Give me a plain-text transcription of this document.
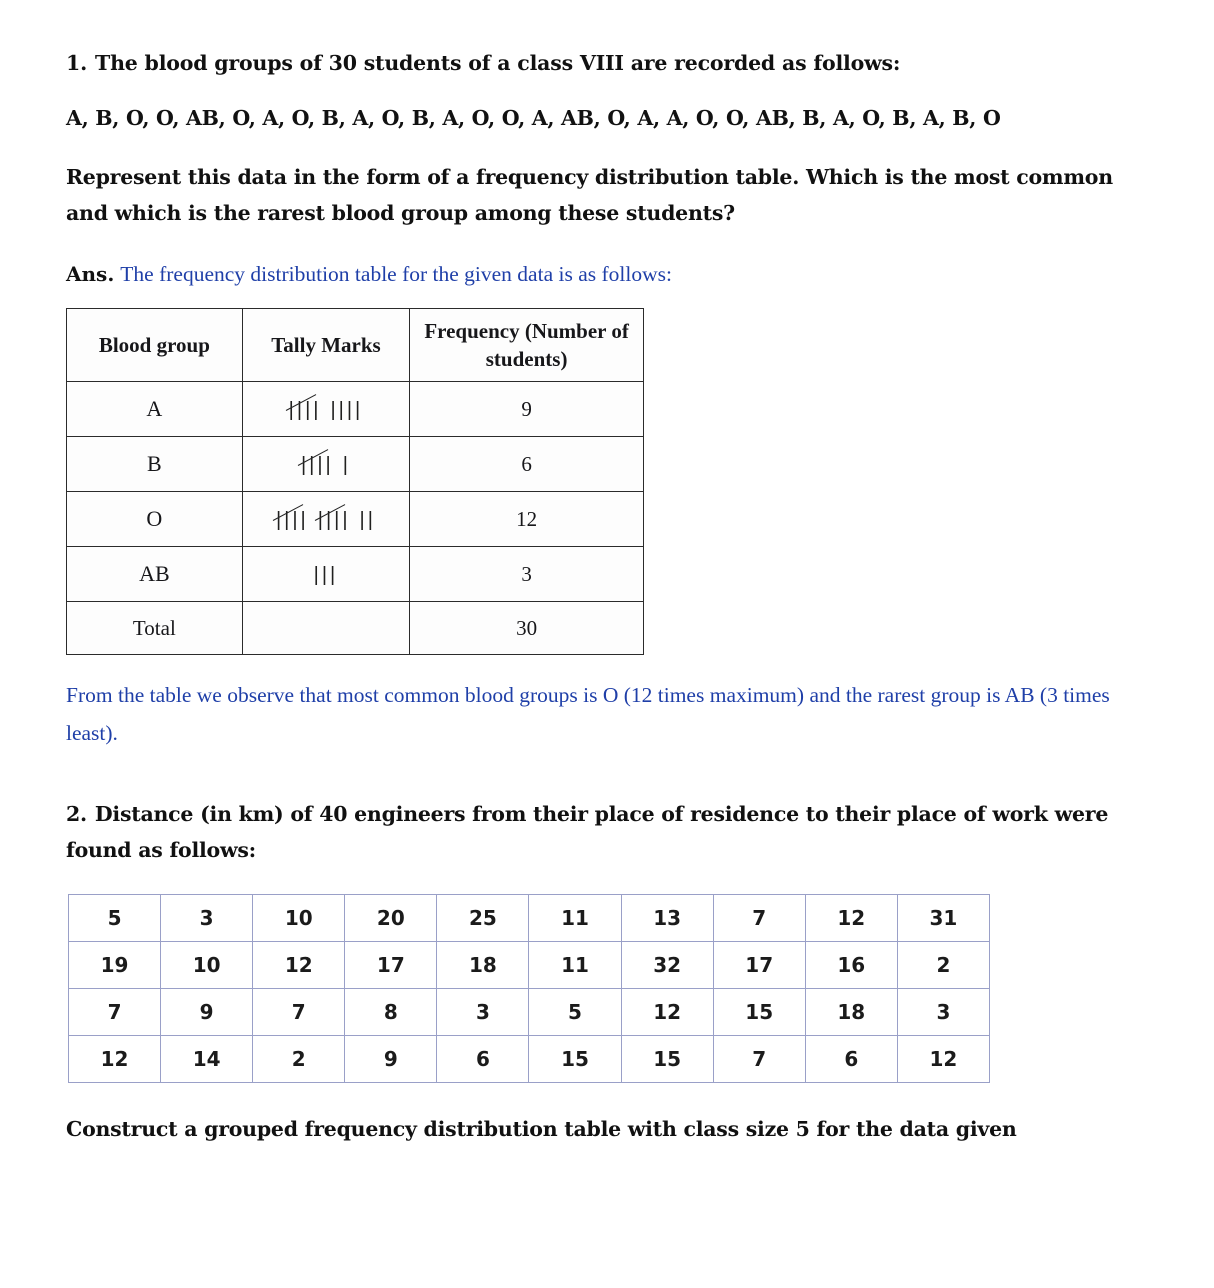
1. The blood groups of 30 students of a class VIII are recorded as follows:

A, B, O, O, AB, O, A, O, B, A, O, B, A, O, O, A, AB, O, A, A, O, O, AB, B, A, O, B, A, B, O

Represent this data in the form of a frequency distribution table. Which is the most common and which is the rarest blood group among these students?

Ans. The frequency distribution table for the given data is as follows:

Blood group	Tally Marks	Frequency (Number of students)
A	|||| ||||	9
B	|||| |	6
O	|||| |||| ||	12
AB	|||	3
Total		30

From the table we observe that most common blood groups is O (12 times maximum) and the rarest group is AB (3 times least).

2. Distance (in km) of 40 engineers from their place of residence to their place of work were found as follows:

5	3	10	20	25	11	13	7	12	31
19	10	12	17	18	11	32	17	16	2
7	9	7	8	3	5	12	15	18	3
12	14	2	9	6	15	15	7	6	12

Construct a grouped frequency distribution table with class size 5 for the data given
